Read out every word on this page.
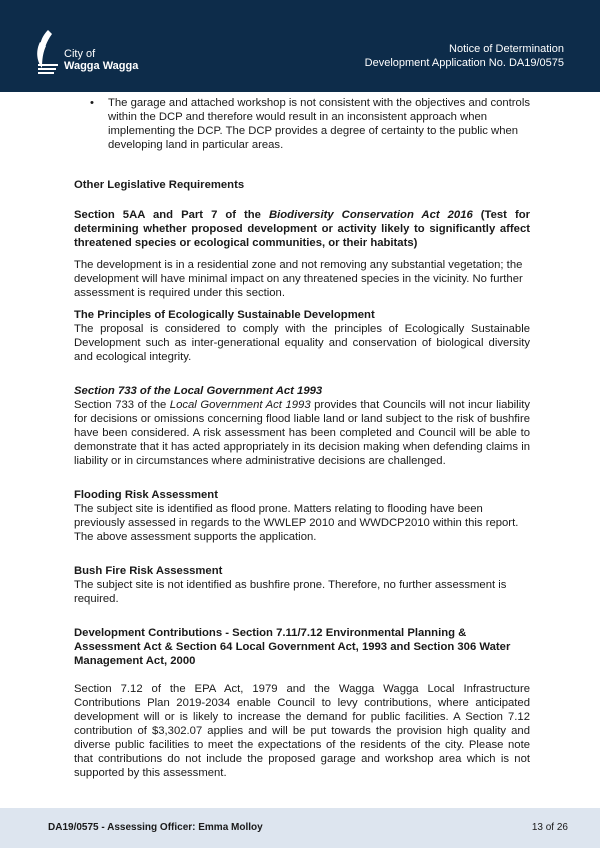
City of
Wagga Wagga
Notice of Determination
Development Application No. DA19/0575
• The garage and attached workshop is not consistent with the objectives and controls within the DCP and therefore would result in an inconsistent approach when implementing the DCP. The DCP provides a degree of certainty to the public when developing land in particular areas.

Other Legislative Requirements

Section 5AA and Part 7 of the Biodiversity Conservation Act 2016 (Test for determining whether proposed development or activity likely to significantly affect threatened species or ecological communities, or their habitats)

The development is in a residential zone and not removing any substantial vegetation; the development will have minimal impact on any threatened species in the vicinity. No further assessment is required under this section.

The Principles of Ecologically Sustainable Development

The proposal is considered to comply with the principles of Ecologically Sustainable Development such as inter-generational equality and conservation of biological diversity and ecological integrity.

Section 733 of the Local Government Act 1993

Section 733 of the Local Government Act 1993 provides that Councils will not incur liability for decisions or omissions concerning flood liable land or land subject to the risk of bushfire have been considered. A risk assessment has been completed and Council will be able to demonstrate that it has acted appropriately in its decision making when defending claims in liability or in circumstances where administrative decisions are challenged.

Flooding Risk Assessment

The subject site is identified as flood prone. Matters relating to flooding have been previously assessed in regards to the WWLEP 2010 and WWDCP2010 within this report. The above assessment supports the application.

Bush Fire Risk Assessment

The subject site is not identified as bushfire prone. Therefore, no further assessment is required.

Development Contributions - Section 7.11/7.12 Environmental Planning & Assessment Act & Section 64 Local Government Act, 1993 and Section 306 Water Management Act, 2000

Section 7.12 of the EPA Act, 1979 and the Wagga Wagga Local Infrastructure Contributions Plan 2019-2034 enable Council to levy contributions, where anticipated development will or is likely to increase the demand for public facilities. A Section 7.12 contribution of $3,302.07 applies and will be put towards the provision high quality and diverse public facilities to meet the expectations of the residents of the city. Please note that contributions do not include the proposed garage and workshop area which is not supported by this assessment.

DA19/0575 - Assessing Officer: Emma Molloy	13 of 26
